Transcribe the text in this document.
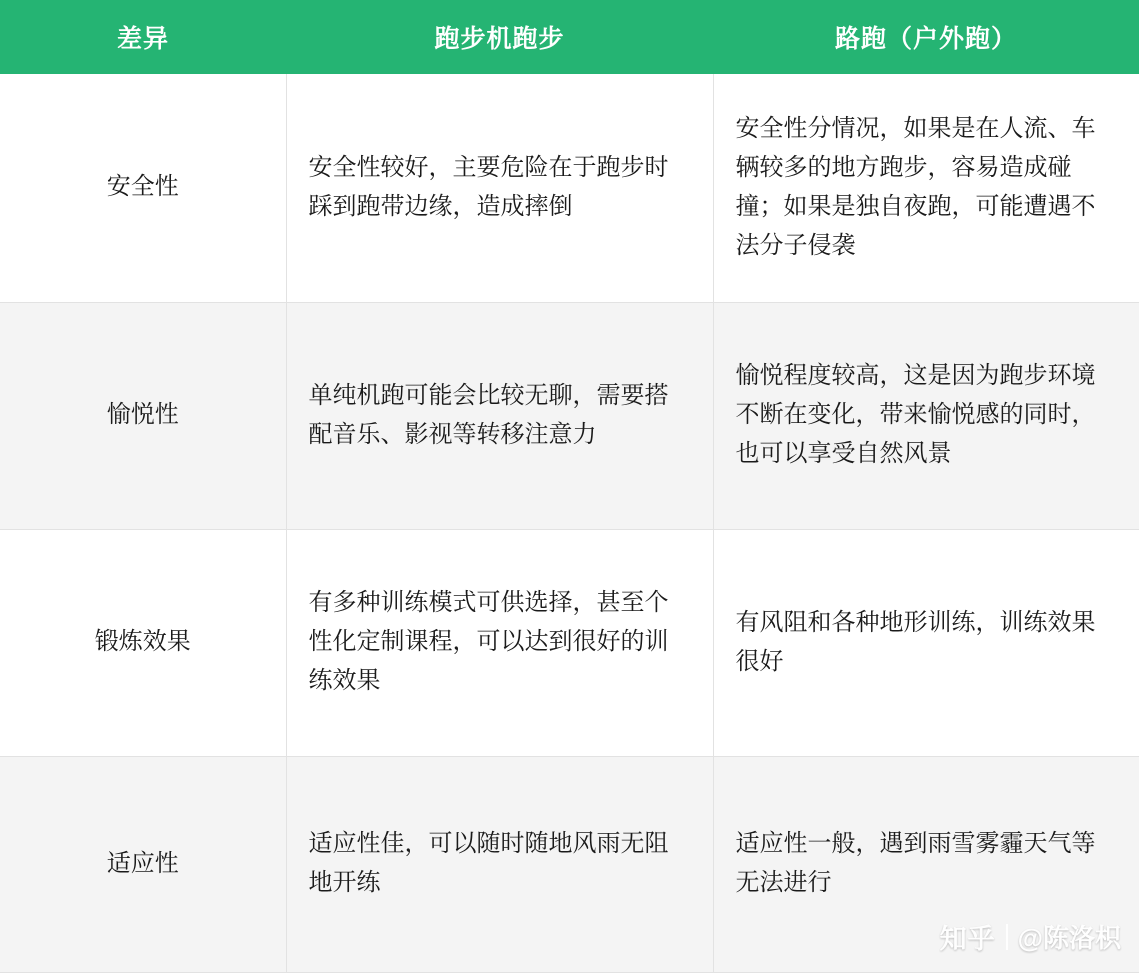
差异	跑步机跑步	路跑（户外跑）
安全性	安全性较好，主要危险在于跑步时踩到跑带边缘，造成摔倒	安全性分情况，如果是在人流、车辆较多的地方跑步，容易造成碰撞；如果是独自夜跑，可能遭遇不法分子侵袭
愉悦性	单纯机跑可能会比较无聊，需要搭配音乐、影视等转移注意力	愉悦程度较高，这是因为跑步环境不断在变化，带来愉悦感的同时，也可以享受自然风景
锻炼效果	有多种训练模式可供选择，甚至个性化定制课程，可以达到很好的训练效果	有风阻和各种地形训练，训练效果很好
适应性	适应性佳，可以随时随地风雨无阻地开练	适应性一般，遇到雨雪雾霾天气等无法进行
知乎 @陈洛枳
